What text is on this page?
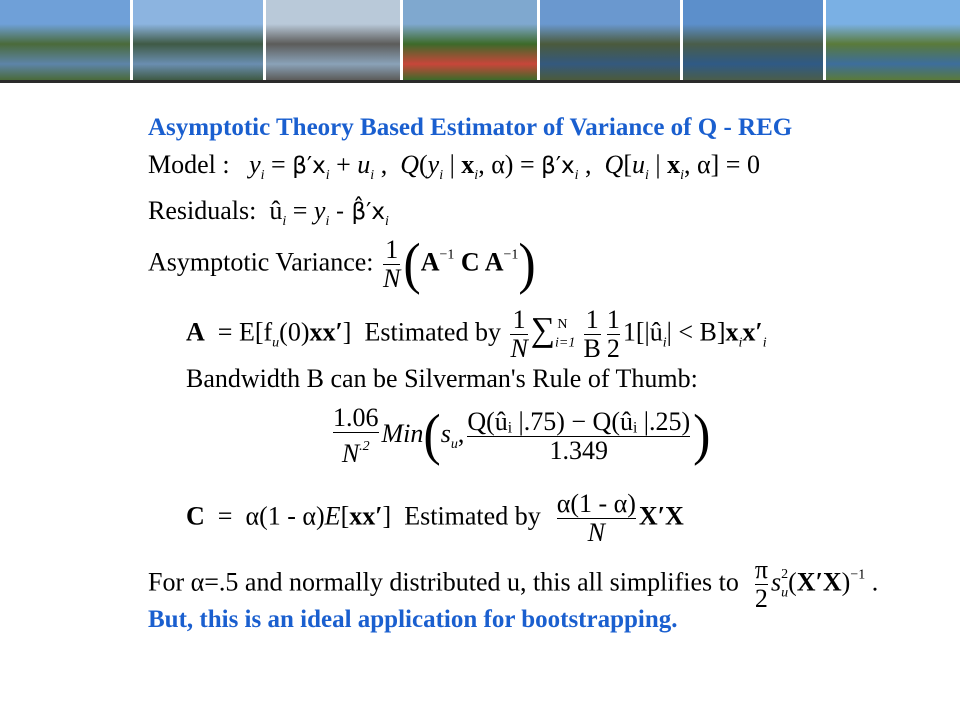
Asymptotic Theory Based Estimator of Variance of Q - REG
Model : $y_i = \beta'x_i + u_i$ ,  $Q(y_i$ | $x_i$, $\alpha) = \beta'x_i$ ,  $Q[u_i$ | $x_i$, α] = 0
Residuals:  $û_i = y_i$ - $\betâ'x_i$
Asymptotic Variance: $\frac{1}{N} (A^{-1}$ C $A^{-1}$)
$A = E[f_u(0)xx']$  Estimated by $\frac{1}{N} \sum_{i=1}^N \frac{1}{B} \frac{1}{2}$ $1[|û_i| < B]x_ix'_i$
Bandwidth B can be Silverman's Rule of Thumb:
$\frac{1.06}{N^{.2}} Min(s_u$, $\frac{\text{Q(ûᵢ |.75) − Q(ûᵢ |.25)}}{1.349}$ )
C  =  α(1 - α)E[xx′]  Estimated by $\frac{\alpha(1 - \alpha)}{N} X'X$
For α=.5 and normally distributed u, this all simplifies to $\frac{\pi}{2} s_u^2(X'X)^{-1}$ .
But, this is an ideal application for bootstrapping.
